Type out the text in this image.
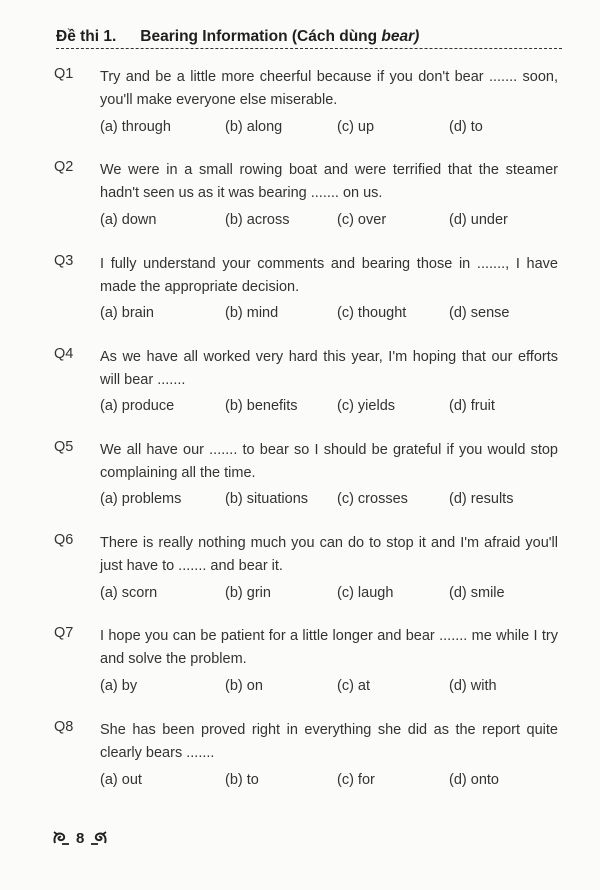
Đề thi 1. Bearing Information (Cách dùng bear)
Q1 Try and be a little more cheerful because if you don't bear ....... soon, you'll make everyone else miserable.
(a) through	(b) along	(c) up	(d) to
Q2 We were in a small rowing boat and were terrified that the steamer hadn't seen us as it was bearing ....... on us.
(a) down	(b) across	(c) over	(d) under
Q3 I fully understand your comments and bearing those in ......., I have made the appropriate decision.
(a) brain	(b) mind	(c) thought	(d) sense
Q4 As we have all worked very hard this year, I'm hoping that our efforts will bear .......
(a) produce	(b) benefits	(c) yields	(d) fruit
Q5 We all have our ....... to bear so I should be grateful if you would stop complaining all the time.
(a) problems	(b) situations (c) crosses	(d) results
Q6 There is really nothing much you can do to stop it and I'm afraid you'll just have to ....... and bear it.
(a) scorn	(b) grin	(c) laugh	(d) smile
Q7 I hope you can be patient for a little longer and bear ....... me while I try and solve the problem.
(a) by	(b) on	(c) at	(d) with
Q8 She has been proved right in everything she did as the report quite clearly bears .......
(a) out	(b) to	(c) for	(d) onto
8
